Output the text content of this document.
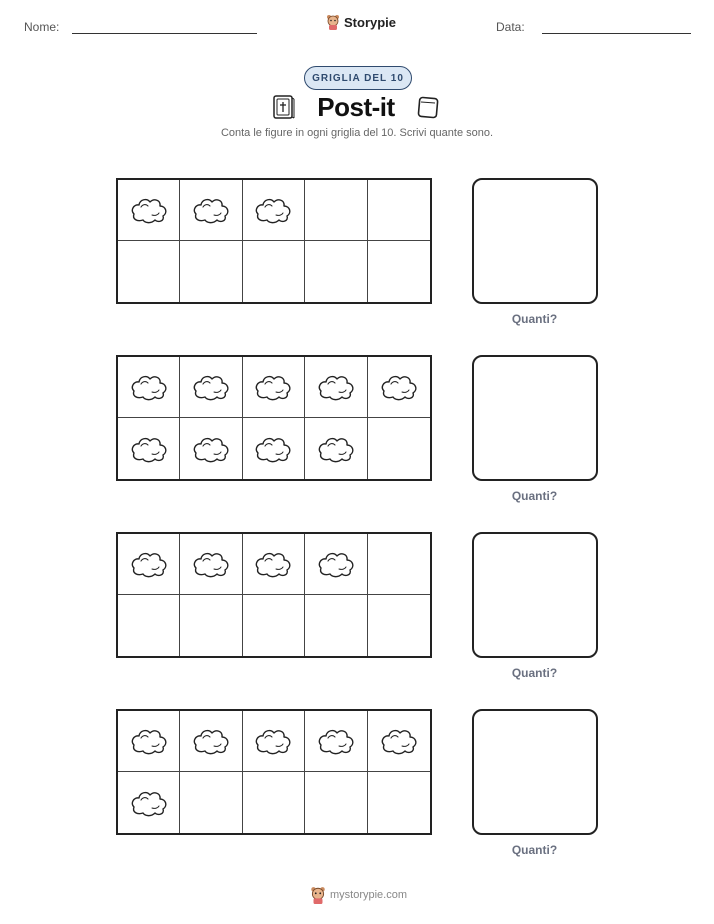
Nome:	Storypie	Data:
GRIGLIA DEL 10
Post-it
Conta le figure in ogni griglia del 10. Scrivi quante sono.
Quanti?
Quanti?
Quanti?
Quanti?
mystorypie.com
